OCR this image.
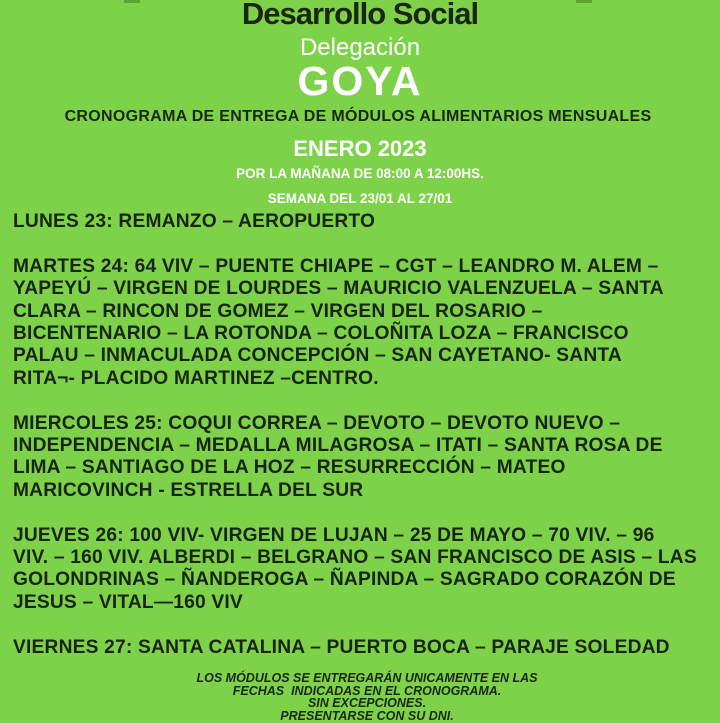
Desarrollo Social
Delegación
GOYA
CRONOGRAMA DE ENTREGA DE MÓDULOS ALIMENTARIOS MENSUALES
ENERO 2023
POR LA MAÑANA DE 08:00 A 12:00HS.
SEMANA DEL 23/01 AL 27/01
LUNES 23: REMANZO – AEROPUERTO
MARTES 24: 64 VIV – PUENTE CHIAPE – CGT – LEANDRO M. ALEM –
YAPEYÚ – VIRGEN DE LOURDES – MAURICIO VALENZUELA – SANTA
CLARA – RINCON DE GOMEZ – VIRGEN DEL ROSARIO –
BICENTENARIO – LA ROTONDA – COLOÑITA LOZA – FRANCISCO
PALAU – INMACULADA CONCEPCIÓN – SAN CAYETANO- SANTA
RITA¬- PLACIDO MARTINEZ –CENTRO.
MIERCOLES 25: COQUI CORREA – DEVOTO – DEVOTO NUEVO –
INDEPENDENCIA – MEDALLA MILAGROSA – ITATI – SANTA ROSA DE
LIMA – SANTIAGO DE LA HOZ – RESURRECCIÓN – MATEO
MARICOVINCH - ESTRELLA DEL SUR
JUEVES 26: 100 VIV- VIRGEN DE LUJAN – 25 DE MAYO – 70 VIV. – 96
VIV. – 160 VIV. ALBERDI – BELGRANO – SAN FRANCISCO DE ASIS – LAS
GOLONDRINAS – ÑANDEROGA – ÑAPINDA – SAGRADO CORAZÓN DE
JESUS – VITAL—160 VIV
VIERNES 27: SANTA CATALINA – PUERTO BOCA – PARAJE SOLEDAD
LOS MÓDULOS SE ENTREGARÁN UNICAMENTE EN LAS
FECHAS  INDICADAS EN EL CRONOGRAMA.
SIN EXCEPCIONES.
PRESENTARSE CON SU DNI.
